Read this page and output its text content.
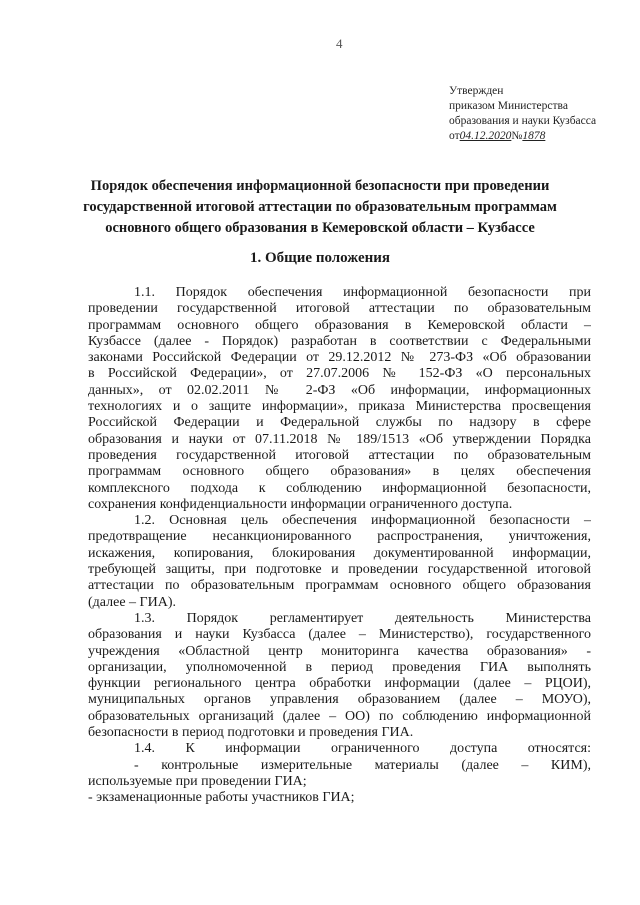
4
Утвержден
приказом Министерства
образования и науки Кузбасса
от04.12.2020№1878
Порядок обеспечения информационной безопасности при проведении
государственной итоговой аттестации по образовательным программам
основного общего образования в Кемеровской области – Кузбассе
1. Общие положения
1.1. Порядок обеспечения информационной безопасности при
проведении государственной итоговой аттестации по образовательным
программам основного общего образования в Кемеровской области –
Кузбассе (далее - Порядок) разработан в соответствии с Федеральными
законами Российской Федерации от 29.12.2012 № 273-ФЗ «Об образовании
в Российской Федерации», от 27.07.2006 № 152-ФЗ «О персональных
данных», от 02.02.2011 № 2-ФЗ «Об информации, информационных
технологиях и о защите информации», приказа Министерства просвещения
Российской Федерации и Федеральной службы по надзору в сфере
образования и науки от 07.11.2018 № 189/1513 «Об утверждении Порядка
проведения государственной итоговой аттестации по образовательным
программам основного общего образования» в целях обеспечения
комплексного подхода к соблюдению информационной безопасности,
сохранения конфиденциальности информации ограниченного доступа.
1.2. Основная цель обеспечения информационной безопасности –
предотвращение несанкционированного распространения, уничтожения,
искажения, копирования, блокирования документированной информации,
требующей защиты, при подготовке и проведении государственной итоговой
аттестации по образовательным программам основного общего образования
(далее – ГИА).
1.3. Порядок регламентирует деятельность Министерства
образования и науки Кузбасса (далее – Министерство), государственного
учреждения «Областной центр мониторинга качества образования» -
организации, уполномоченной в период проведения ГИА выполнять
функции регионального центра обработки информации (далее – РЦОИ),
муниципальных органов управления образованием (далее – МОУО),
образовательных организаций (далее – ОО) по соблюдению информационной
безопасности в период подготовки и проведения ГИА.
1.4. К информации ограниченного доступа относятся:
- контрольные измерительные материалы (далее – КИМ),
используемые при проведении ГИА;
- экзаменационные работы участников ГИА;
